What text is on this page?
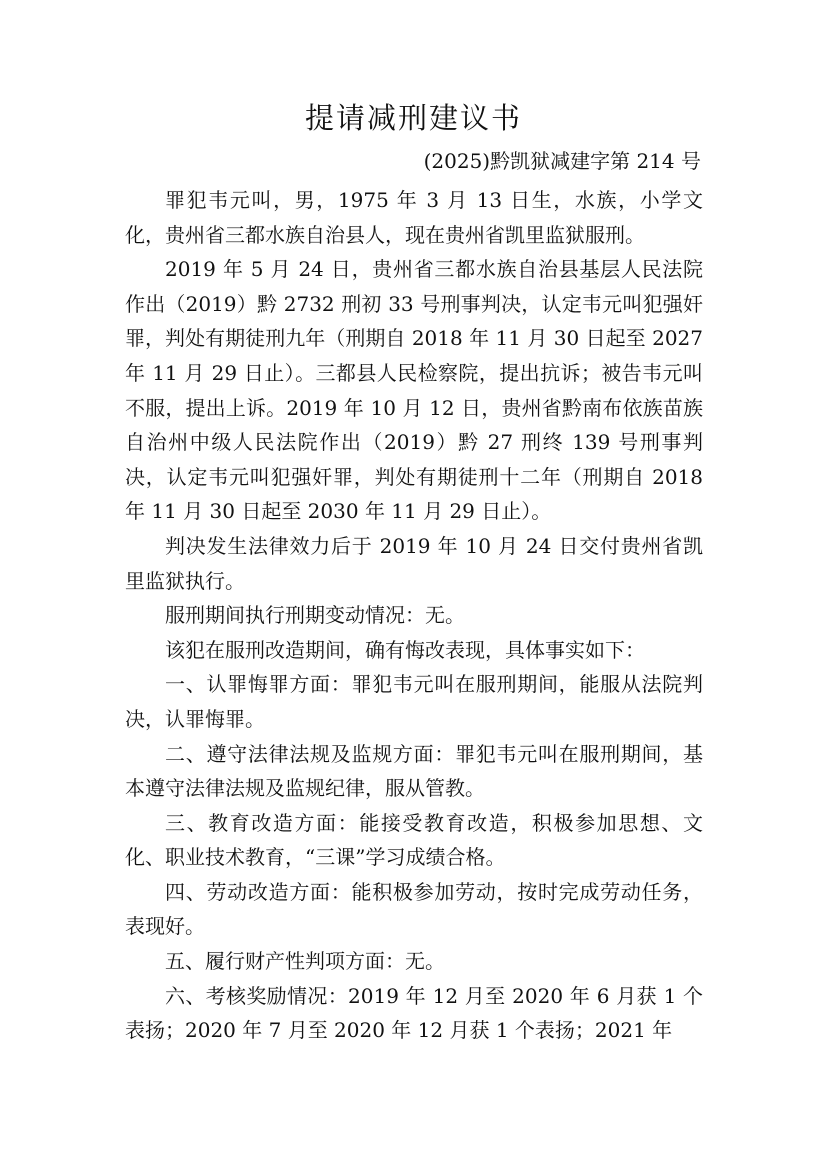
提请减刑建议书
(2025)黔凯狱减建字第 214 号

罪犯韦元叫，男，1975 年 3 月 13 日生，水族，小学文化，贵州省三都水族自治县人，现在贵州省凯里监狱服刑。

2019 年 5 月 24 日，贵州省三都水族自治县基层人民法院作出（2019）黔 2732 刑初 33 号刑事判决，认定韦元叫犯强奸罪，判处有期徒刑九年（刑期自 2018 年 11 月 30 日起至 2027 年 11 月 29 日止）。三都县人民检察院，提出抗诉；被告韦元叫不服，提出上诉。2019 年 10 月 12 日，贵州省黔南布依族苗族自治州中级人民法院作出（2019）黔 27 刑终 139 号刑事判决，认定韦元叫犯强奸罪，判处有期徒刑十二年（刑期自 2018 年 11 月 30 日起至 2030 年 11 月 29 日止）。

判决发生法律效力后于 2019 年 10 月 24 日交付贵州省凯里监狱执行。

服刑期间执行刑期变动情况：无。

该犯在服刑改造期间，确有悔改表现，具体事实如下：

一、认罪悔罪方面：罪犯韦元叫在服刑期间，能服从法院判决，认罪悔罪。

二、遵守法律法规及监规方面：罪犯韦元叫在服刑期间，基本遵守法律法规及监规纪律，服从管教。

三、教育改造方面：能接受教育改造，积极参加思想、文化、职业技术教育，“三课”学习成绩合格。

四、劳动改造方面：能积极参加劳动，按时完成劳动任务，表现好。

五、履行财产性判项方面：无。

六、考核奖励情况：2019 年 12 月至 2020 年 6 月获 1 个表扬；2020 年 7 月至 2020 年 12 月获 1 个表扬；2021 年
